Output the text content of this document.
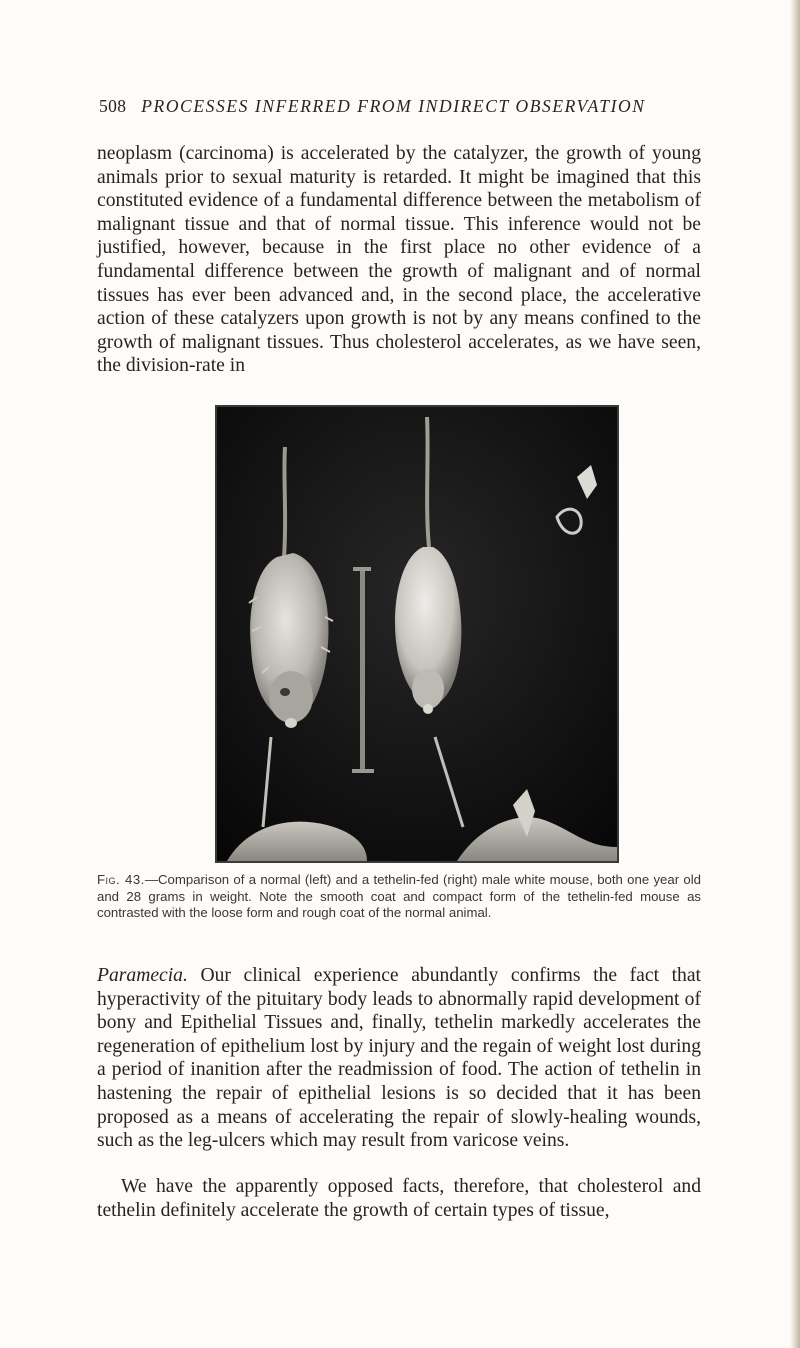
508 PROCESSES INFERRED FROM INDIRECT OBSERVATION

neoplasm (carcinoma) is accelerated by the catalyzer, the growth of young animals prior to sexual maturity is retarded. It might be imagined that this constituted evidence of a fundamental difference between the metabolism of malignant tissue and that of normal tissue. This inference would not be justified, however, because in the first place no other evidence of a fundamental difference between the growth of malignant and of normal tissues has ever been advanced and, in the second place, the accelerative action of these catalyzers upon growth is not by any means confined to the growth of malignant tissues. Thus cholesterol accelerates, as we have seen, the division-rate in

Fig. 43.—Comparison of a normal (left) and a tethelin-fed (right) male white mouse, both one year old and 28 grams in weight. Note the smooth coat and compact form of the tethelin-fed mouse as contrasted with the loose form and rough coat of the normal animal.

Paramecia. Our clinical experience abundantly confirms the fact that hyperactivity of the pituitary body leads to abnormally rapid development of bony and Epithelial Tissues and, finally, tethelin markedly accelerates the regeneration of epithelium lost by injury and the regain of weight lost during a period of inanition after the readmission of food. The action of tethelin in hastening the repair of epithelial lesions is so decided that it has been proposed as a means of accelerating the repair of slowly-healing wounds, such as the leg-ulcers which may result from varicose veins.

We have the apparently opposed facts, therefore, that cholesterol and tethelin definitely accelerate the growth of certain types of tissue,
